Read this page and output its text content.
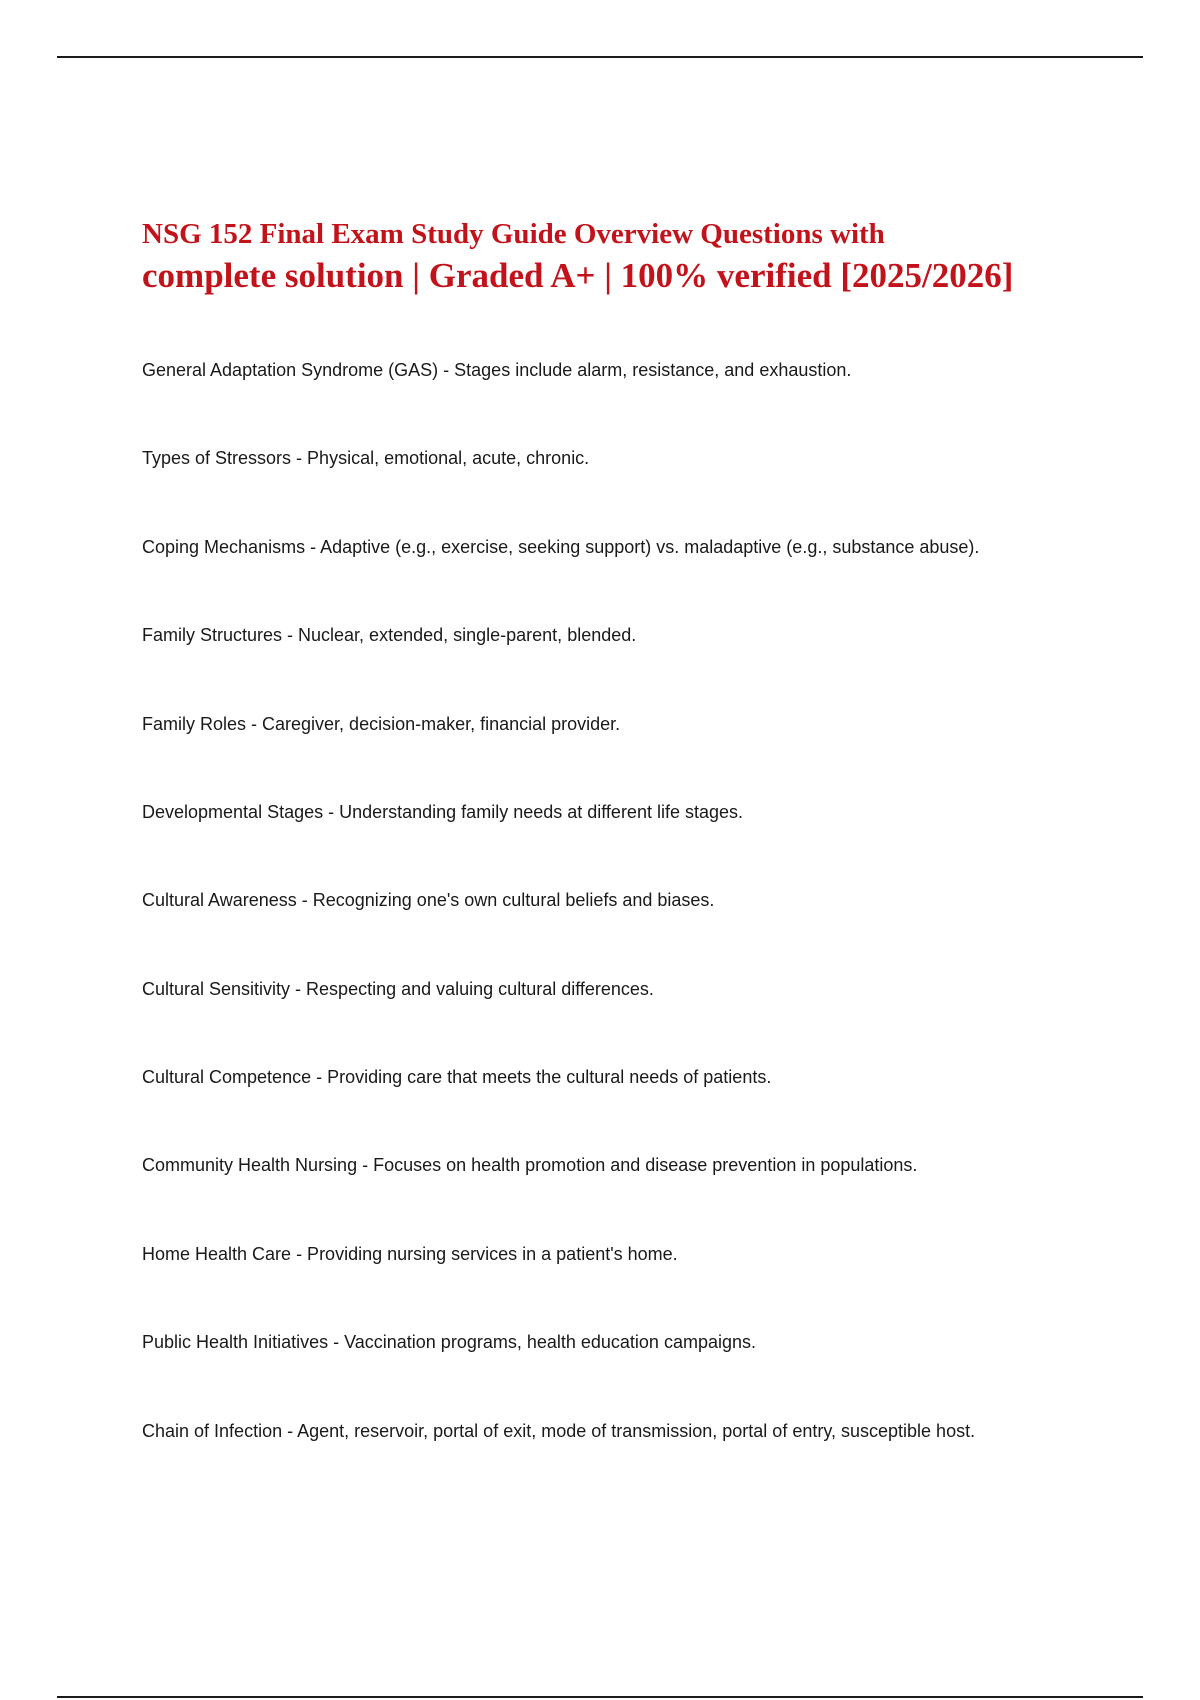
NSG 152 Final Exam Study Guide Overview Questions with
complete solution | Graded A+ | 100% verified [2025/2026]
General Adaptation Syndrome (GAS) - Stages include alarm, resistance, and exhaustion.
Types of Stressors - Physical, emotional, acute, chronic.
Coping Mechanisms - Adaptive (e.g., exercise, seeking support) vs. maladaptive (e.g., substance abuse).
Family Structures - Nuclear, extended, single-parent, blended.
Family Roles - Caregiver, decision-maker, financial provider.
Developmental Stages - Understanding family needs at different life stages.
Cultural Awareness - Recognizing one's own cultural beliefs and biases.
Cultural Sensitivity - Respecting and valuing cultural differences.
Cultural Competence - Providing care that meets the cultural needs of patients.
Community Health Nursing - Focuses on health promotion and disease prevention in populations.
Home Health Care - Providing nursing services in a patient's home.
Public Health Initiatives - Vaccination programs, health education campaigns.
Chain of Infection - Agent, reservoir, portal of exit, mode of transmission, portal of entry, susceptible host.
